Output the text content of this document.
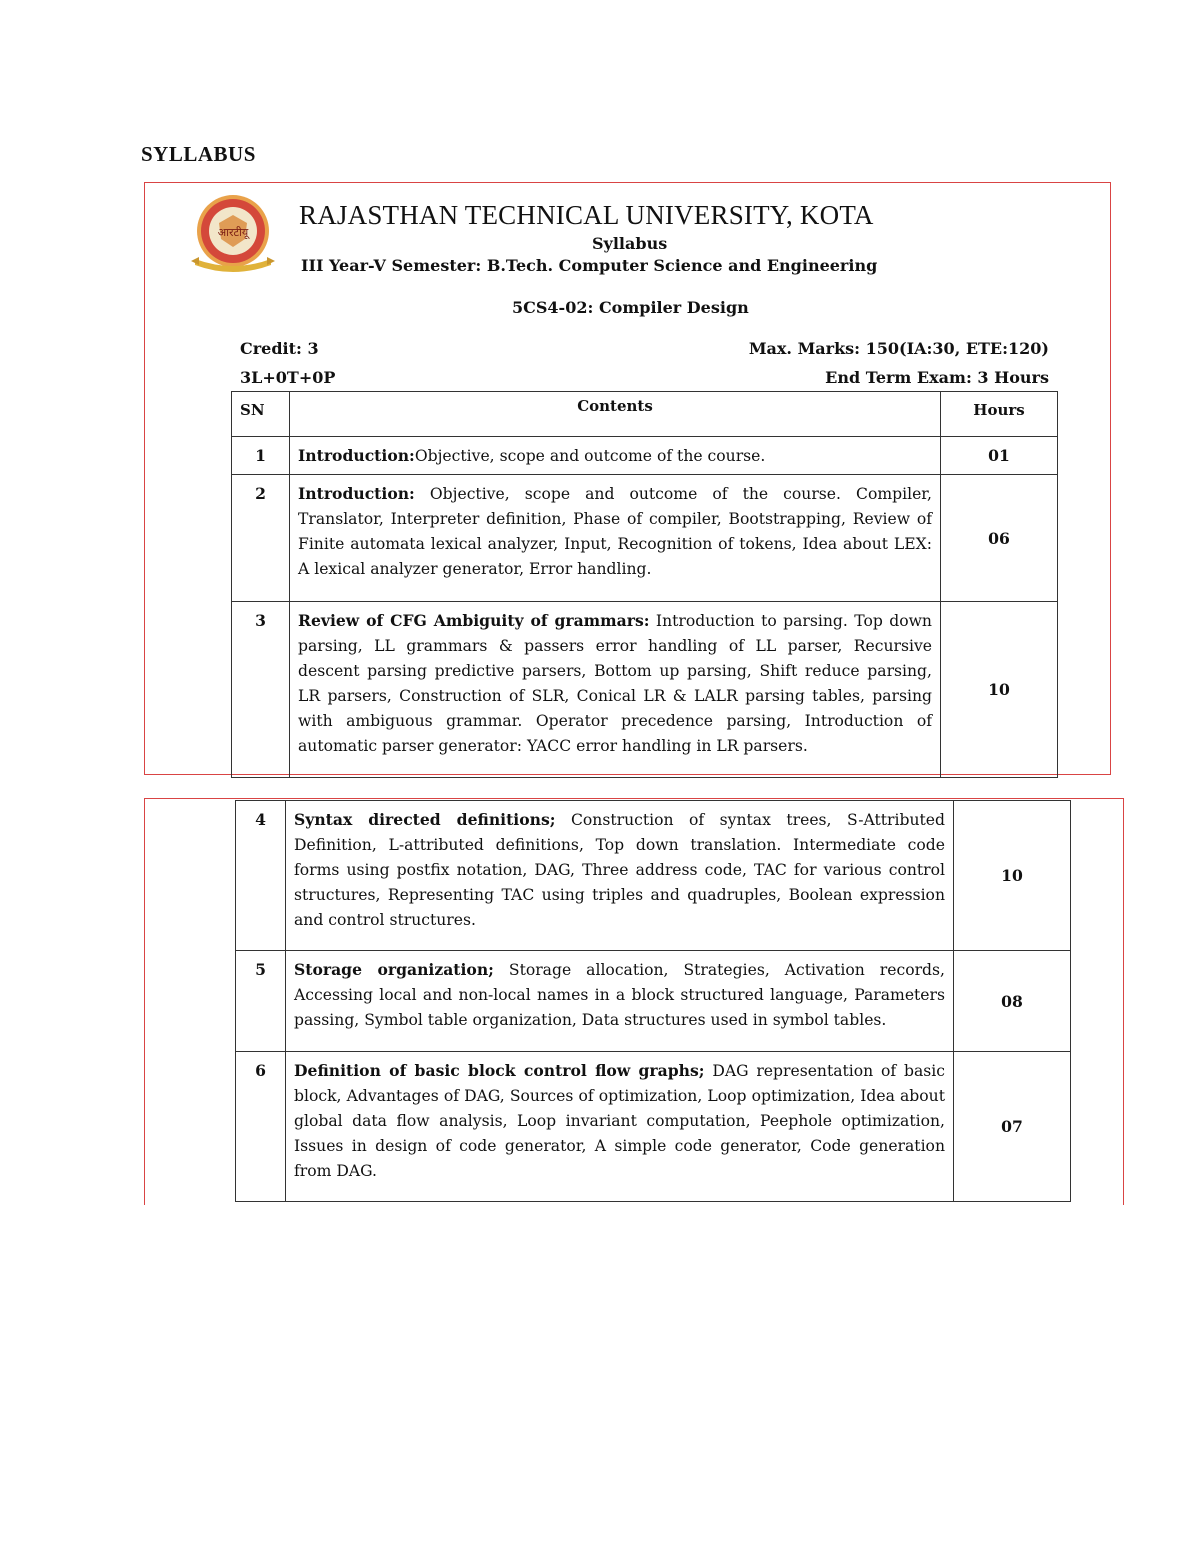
SYLLABUS
आरटीयू
RAJASTHAN TECHNICAL UNIVERSITY, KOTA
Syllabus
III Year-V Semester: B.Tech. Computer Science and Engineering
5CS4-02: Compiler Design
Credit: 3
3L+0T+0P
Max. Marks: 150(IA:30, ETE:120)
End Term Exam: 3 Hours
SN	Contents	Hours
1	Introduction:Objective, scope and outcome of the course.	01
2	Introduction: Objective, scope and outcome of the course. Compiler, Translator, Interpreter definition, Phase of compiler, Bootstrapping, Review of Finite automata lexical analyzer, Input, Recognition of tokens, Idea about LEX: A lexical analyzer generator, Error handling.	06
3	Review of CFG Ambiguity of grammars: Introduction to parsing. Top down parsing, LL grammars & passers error handling of LL parser, Recursive descent parsing predictive parsers, Bottom up parsing, Shift reduce parsing, LR parsers, Construction of SLR, Conical LR & LALR parsing tables, parsing with ambiguous grammar. Operator precedence parsing, Introduction of automatic parser generator: YACC error handling in LR parsers.	10
4	Syntax directed definitions; Construction of syntax trees, S-Attributed Definition, L-attributed definitions, Top down translation. Intermediate code forms using postfix notation, DAG, Three address code, TAC for various control structures, Representing TAC using triples and quadruples, Boolean expression and control structures.	10
5	Storage organization; Storage allocation, Strategies, Activation records, Accessing local and non-local names in a block structured language, Parameters passing, Symbol table organization, Data structures used in symbol tables.	08
6	Definition of basic block control flow graphs; DAG representation of basic block, Advantages of DAG, Sources of optimization, Loop optimization, Idea about global data flow analysis, Loop invariant computation, Peephole optimization, Issues in design of code generator, A simple code generator, Code generation from DAG.	07
